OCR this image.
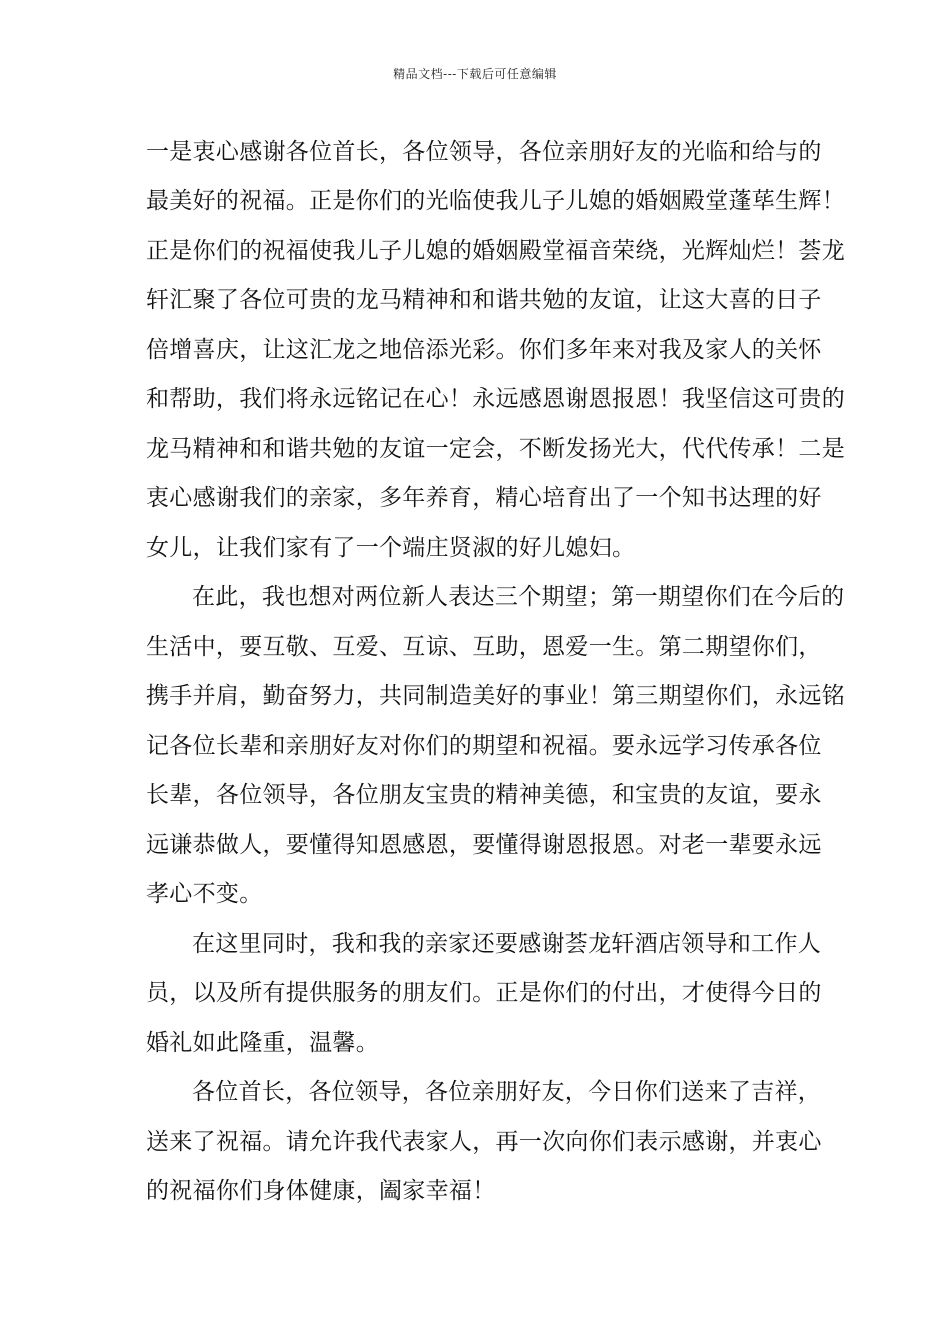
精品文档---下载后可任意编辑
一是衷心感谢各位首长，各位领导，各位亲朋好友的光临和给与的
最美好的祝福。正是你们的光临使我儿子儿媳的婚姻殿堂蓬荜生辉！
正是你们的祝福使我儿子儿媳的婚姻殿堂福音荣绕，光辉灿烂！荟龙
轩汇聚了各位可贵的龙马精神和和谐共勉的友谊，让这大喜的日子
倍增喜庆，让这汇龙之地倍添光彩。你们多年来对我及家人的关怀
和帮助，我们将永远铭记在心！永远感恩谢恩报恩！我坚信这可贵的
龙马精神和和谐共勉的友谊一定会，不断发扬光大，代代传承！二是
衷心感谢我们的亲家，多年养育，精心培育出了一个知书达理的好
女儿，让我们家有了一个端庄贤淑的好儿媳妇。
在此，我也想对两位新人表达三个期望；第一期望你们在今后的
生活中，要互敬、互爱、互谅、互助，恩爱一生。第二期望你们，
携手并肩，勤奋努力，共同制造美好的事业！第三期望你们，永远铭
记各位长辈和亲朋好友对你们的期望和祝福。要永远学习传承各位
长辈，各位领导，各位朋友宝贵的精神美德，和宝贵的友谊，要永
远谦恭做人，要懂得知恩感恩，要懂得谢恩报恩。对老一辈要永远
孝心不变。
在这里同时，我和我的亲家还要感谢荟龙轩酒店领导和工作人
员，以及所有提供服务的朋友们。正是你们的付出，才使得今日的
婚礼如此隆重，温馨。
各位首长，各位领导，各位亲朋好友，今日你们送来了吉祥，
送来了祝福。请允许我代表家人，再一次向你们表示感谢，并衷心
的祝福你们身体健康，阖家幸福！
